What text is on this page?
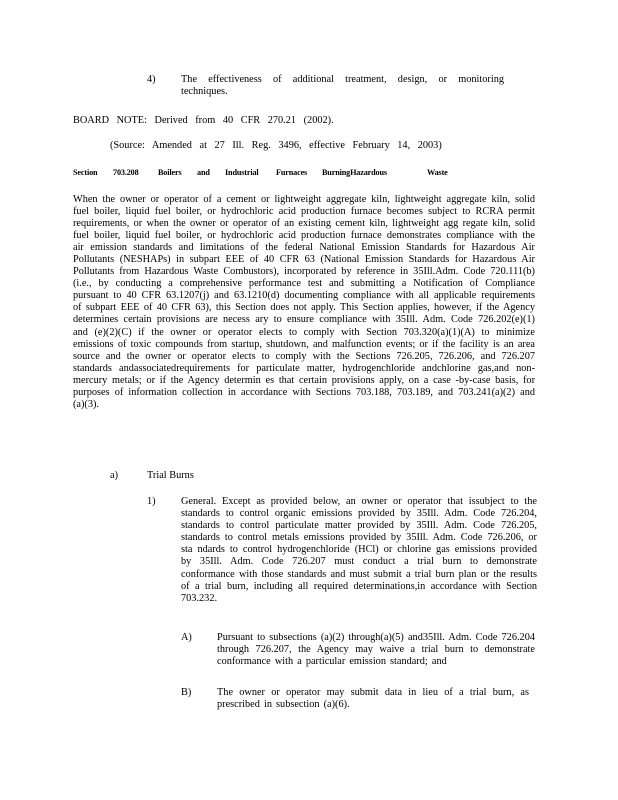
4) The effectiveness of additional treatment, design, or monitoring techniques.
BOARD NOTE: Derived from 40 CFR 270.21 (2002).
(Source: Amended at 27 Ill. Reg. 3496, effective February 14, 2003)
Section 703.208 Boilers and Industrial Furnaces BurningHazardous	Waste
When the owner or operator of a cement or lightweight aggregate kiln, lightweight aggregate kiln, solid fuel boiler, liquid fuel boiler, or hydrochloric acid production furnace becomes subject to RCRA permit requirements, or when the owner or operator of an existing cement kiln, lightweight agg regate kiln, solid fuel boiler, liquid fuel boiler, or hydrochloric acid production furnace demonstrates compliance with the air emission standards and limitations of the federal National Emission Standards for Hazardous Air Pollutants (NESHAPs) in subpart EEE of 40 CFR 63 (National Emission Standards for Hazardous Air Pollutants from Hazardous Waste Combustors), incorporated by reference in 35Ill.Adm. Code 720.111(b) (i.e., by conducting a comprehensive performance test and submitting a Notification of Compliance pursuant to 40 CFR 63.1207(j) and 63.1210(d) documenting compliance with all applicable requirements of subpart EEE of 40 CFR 63), this Section does not apply. This Section applies, however, if the Agency determines certain provisions are necess ary to ensure compliance with 35Ill. Adm. Code 726.202(e)(1) and (e)(2)(C) if the owner or operator elects to comply with Section 703.320(a)(1)(A) to minimize emissions of toxic compounds from startup, shutdown, and malfunction events; or if the facility is an area source and the owner or operator elects to comply with the Sections 726.205, 726.206, and 726.207 standards andassociatedrequirements for particulate matter, hydrogenchloride andchlorine gas,and non- mercury metals; or if the Agency determin es that certain provisions apply, on a case -by-case basis, for purposes of information collection in accordance with Sections 703.188, 703.189, and 703.241(a)(2) and (a)(3).
a)	Trial Burns
1) General. Except as provided below, an owner or operator that issubject to the standards to control organic emissions provided by 35Ill. Adm. Code 726.204, standards to control particulate matter provided by 35Ill. Adm. Code 726.205, standards to control metals emissions provided by 35Ill. Adm. Code 726.206, or sta ndards to control hydrogenchloride (HCl) or chlorine gas emissions provided by 35Ill. Adm. Code 726.207 must conduct a trial burn to demonstrate conformance with those standards and must submit a trial burn plan or the results of a trial burn, including all required determinations,in accordance with Section 703.232.
A) Pursuant to subsections (a)(2) through(a)(5) and35Ill. Adm. Code 726.204 through 726.207, the Agency may waive a trial burn to demonstrate conformance with a particular emission standard; and
B) The owner or operator may submit data in lieu of a trial burn, as prescribed in subsection (a)(6).
